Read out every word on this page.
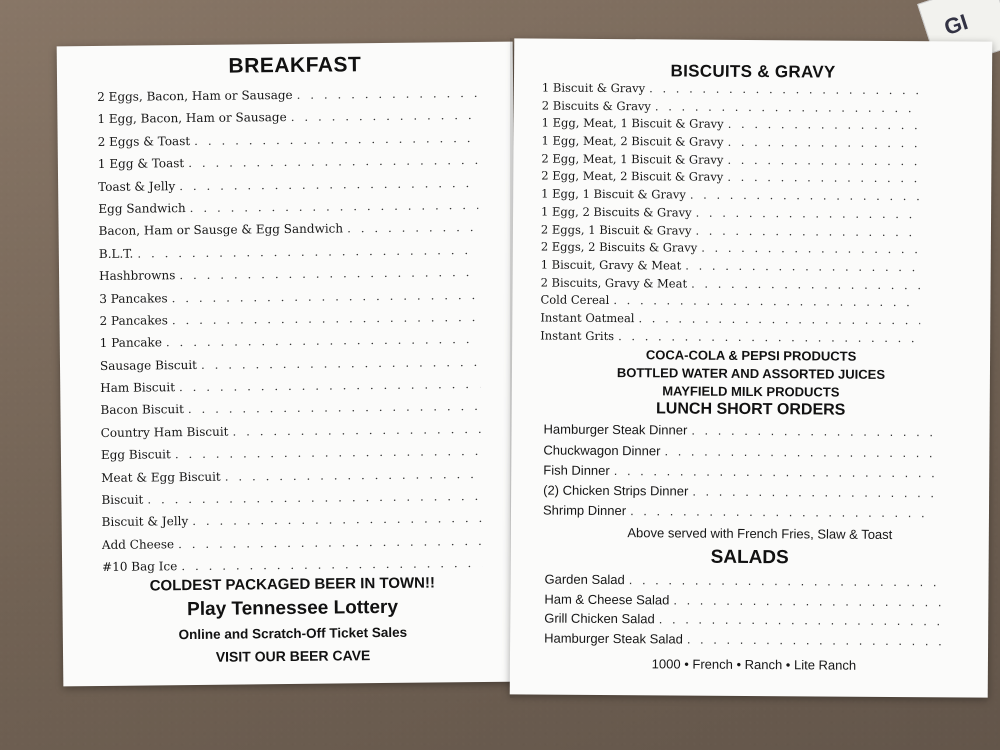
GI
BREAKFAST
2 Eggs, Bacon, Ham or Sausage
. . .
1 Egg, Bacon, Ham or Sausage
. . .
2 Eggs & Toast
. . .
1 Egg & Toast
. . .
Toast & Jelly
. . .
Egg Sandwich
. . .
Bacon, Ham or Sausge & Egg Sandwich
. . .
B.L.T.
. . .
Hashbrowns
. . .
3 Pancakes
. . .
2 Pancakes
. . .
1 Pancake
. . .
Sausage Biscuit
. . .
Ham Biscuit
. . .
Bacon Biscuit
. . .
Country Ham Biscuit
. . .
Egg Biscuit
. . .
Meat & Egg Biscuit
. . .
Biscuit
. . .
Biscuit & Jelly
. . .
Add Cheese
. . .
#10 Bag Ice
. . .
COLDEST PACKAGED BEER IN TOWN!!
Play Tennessee Lottery
Online and Scratch-Off Ticket Sales
VISIT OUR BEER CAVE
BISCUITS & GRAVY
1 Biscuit & Gravy
. . .
2 Biscuits & Gravy
. . .
1 Egg, Meat, 1 Biscuit & Gravy
. . .
1 Egg, Meat, 2 Biscuit & Gravy
. . .
2 Egg, Meat, 1 Biscuit & Gravy
. . .
2 Egg, Meat, 2 Biscuit & Gravy
. . .
1 Egg, 1 Biscuit & Gravy
. . .
1 Egg, 2 Biscuits & Gravy
. . .
2 Eggs, 1 Biscuit & Gravy
. . .
2 Eggs, 2 Biscuits & Gravy
. . .
1 Biscuit, Gravy & Meat
. . .
2 Biscuits, Gravy & Meat
. . .
Cold Cereal
. . .
Instant Oatmeal
. . .
Instant Grits
. . .
COCA-COLA & PEPSI PRODUCTS
BOTTLED WATER AND ASSORTED JUICES
MAYFIELD MILK PRODUCTS
LUNCH SHORT ORDERS
Hamburger Steak Dinner
. . .
Chuckwagon Dinner
. . .
Fish Dinner
. . .
(2) Chicken Strips Dinner
. . .
Shrimp Dinner
. . .
Above served with French Fries, Slaw & Toast
SALADS
Garden Salad
. . .
Ham & Cheese Salad
. . .
Grill Chicken Salad
. . .
Hamburger Steak Salad
. . .
1000 • French • Ranch • Lite Ranch
